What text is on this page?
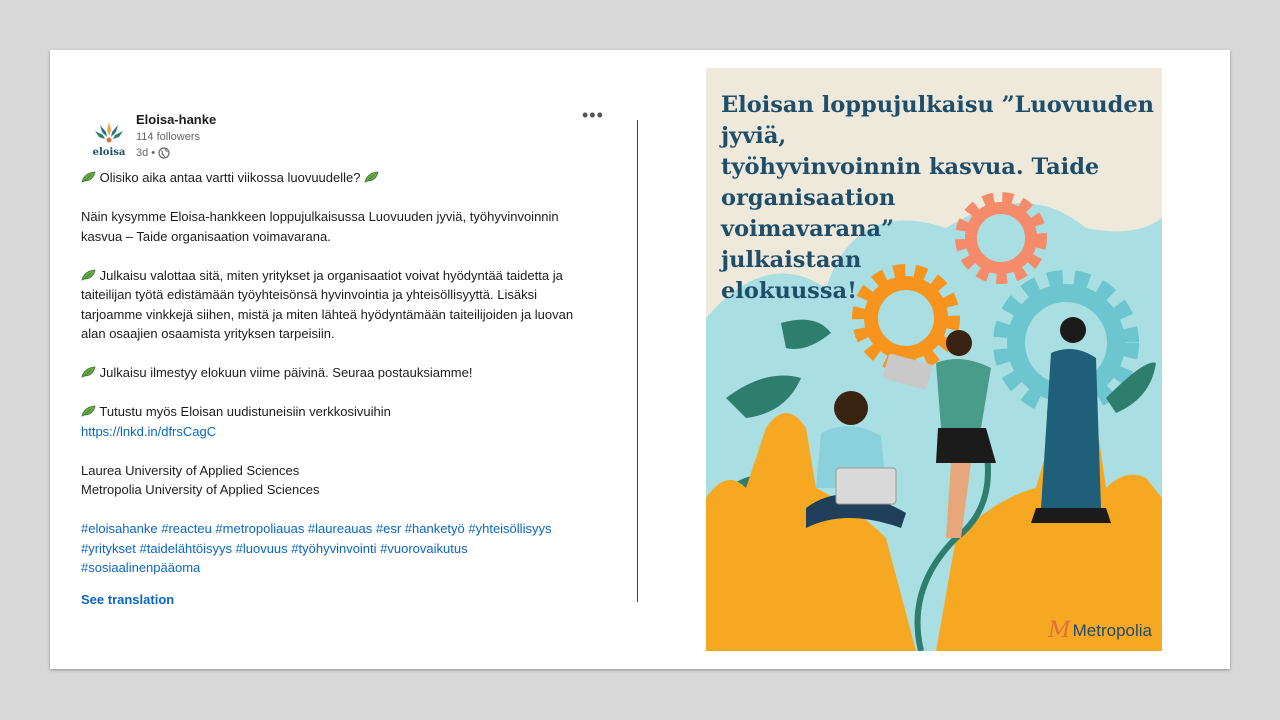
eloisa
Eloisa-hanke
114 followers
3d •
•••
Olisiko aika antaa vartti viikossa luovuudelle?
Näin kysymme Eloisa-hankkeen loppujulkaisussa Luovuuden jyviä, työhyvinvoinnin
kasvua – Taide organisaation voimavarana.
Julkaisu valottaa sitä, miten yritykset ja organisaatiot voivat hyödyntää taidetta ja
taiteilijan työtä edistämään työyhteisönsä hyvinvointia ja yhteisöllisyyttä. Lisäksi
tarjoamme vinkkejä siihen, mistä ja miten lähteä hyödyntämään taiteilijoiden ja luovan
alan osaajien osaamista yrityksen tarpeisiin.
Julkaisu ilmestyy elokuun viime päivinä. Seuraa postauksiamme!
Tutustu myös Eloisan uudistuneisiin verkkosivuihin
https://lnkd.in/dfrsCagC
Laurea University of Applied Sciences
Metropolia University of Applied Sciences
#eloisahanke #reacteu #metropoliauas #laureauas #esr #hanketyö #yhteisöllisyys
#yritykset #taidelähtöisyys #luovuus #työhyvinvointi #vuorovaikutus
#sosiaalinenpääoma
See translation
Eloisan loppujulkaisu ”Luovuuden jyviä,
työhyvinvoinnin kasvua. Taide
organisaation
voimavarana”
julkaistaan
elokuussa!
M Metropolia
